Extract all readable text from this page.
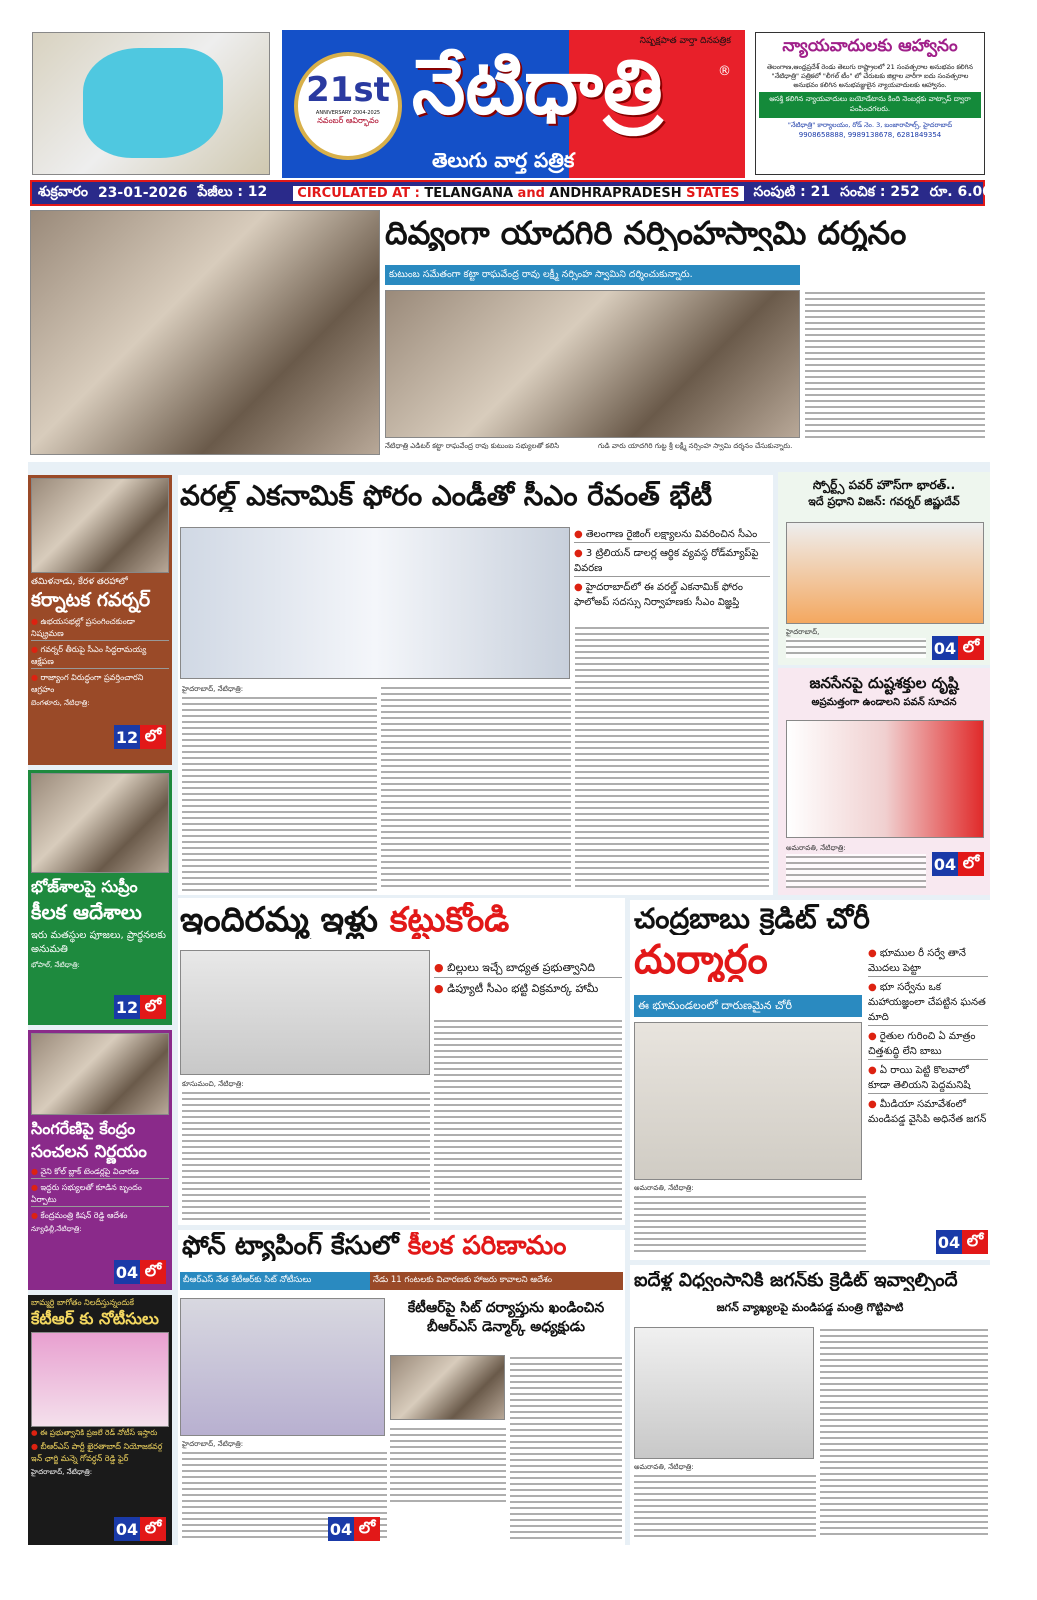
21st
ANNIVERSARY 2004-2025
నవంబర్ ఆవిర్భావం
నిష్పక్షపాత వార్తా దినపత్రిక
నేటిధాత్రి	®
తెలుగు వార్త పత్రిక
న్యాయవాదులకు ఆహ్వానం
తెలంగాణ,ఆంధ్రప్రదేశ్ రెండు తెలుగు రాష్ట్రాలలో 21 సంవత్సరాల అనుభవం కలిగిన "నేటిధాత్రి" పత్రికలో "లీగల్ టీం" లో చేరుటకు జిల్లాల వారీగా ఐదు సంవత్సరాల అనుభవం కలిగిన అనుభవజ్ఞులైన న్యాయవాదులకు ఆహ్వానం.
ఆసక్తి కలిగిన న్యాయవాదులు బయోడేటాను కింది నెంబర్లకు వాట్సాప్ ద్వారా పంపించగలరు.
"నేటిధాత్రి" కార్యాలయం, రోడ్ నెం. 3, బంజారాహిల్స్, హైదరాబాద్
9908658888, 9989138678, 6281849354
శుక్రవారం 23-01-2026 పేజీలు : 12	CIRCULATED AT : TELANGANA and ANDHRAPRADESH STATES సంపుటి : 21 సంచిక : 252 రూ. 6.00
దివ్యంగా యాదగిరి నర్సింహస్వామి దర్శనం
కుటుంబ సమేతంగా కట్టా రాఘవేంద్ర రావు లక్ష్మీ నర్సింహ స్వామిని దర్శించుకున్నారు.
నేటిధాత్రి ఎడిటర్ కట్టా రాఘవేంద్ర రావు కుటుంబ సభ్యులతో కలిసి	గుడి వారు యాదగిరి గుట్ట శ్రీ లక్ష్మీ నర్సింహ స్వామి దర్శనం చేసుకున్నారు.
తమిళనాడు, కేరళ తరహాలో
కర్నాటక గవర్నర్
● ఉభయసభల్లో ప్రసంగించకుండా నిష్క్రమణ
● గవర్నర్ తీరుపై సీఎం సిద్దరామయ్య ఆక్షేపణ
● రాజ్యాంగ విరుద్ధంగా ప్రవర్తించారని ఆగ్రహం
బెంగళూరు, నేటిధాత్రి:
12 లో
భోజ్‌శాలపై సుప్రీం
కీలక ఆదేశాలు
ఇరు మతస్థుల పూజలు, ప్రార్థనలకు అనుమతి
భోపాల్, నేటిధాత్రి:
12 లో
సింగరేణిపై కేంద్రం
సంచలన నిర్ణయం
● నైని కోల్ బ్లాక్ టెండర్లపై విచారణ
● ఇద్దరు సభ్యులతో కూడిన బృందం ఏర్పాటు
● కేంద్రమంత్రి కిషన్ రెడ్డి ఆదేశం
న్యూఢిల్లీ,నేటిధాత్రి:
04 లో
బామ్మర్ది బాగోతం నిలదీస్తున్నందుకే
కేటీఆర్ కు నోటీసులు
● ఈ ప్రభుత్వానికి ప్రజలే రెడ్ నోటీస్ ఇస్తారు
● బీఆర్ఎస్ పార్టీ ఖైరతాబాద్ నియోజకవర్గ ఇన్ ఛార్జి మన్నె గోవర్ధన్ రెడ్డి ఫైర్
హైదరాబాద్, నేటిధాత్రి:
04 లో
వరల్డ్ ఎకనామిక్ ఫోరం ఎండీతో సీఎం రేవంత్ భేటీ
● తెలంగాణ రైజింగ్ లక్ష్యాలను వివరించిన సీఎం
● 3 ట్రిలియన్ డాలర్ల ఆర్థిక వ్యవస్థ రోడ్‌మ్యాప్‌పై వివరణ
● హైదరాబాద్‌లో ఈ వరల్డ్ ఎకనామిక్ ఫోరం ఫాలోఅప్ సదస్సు నిర్వాహణకు సీఎం విజ్ఞప్తి
హైదరాబాద్, నేటిధాత్రి:
స్పోర్ట్స్ పవర్ హౌస్‌గా భారత్..
ఇదే ప్రధాని విజన్: గవర్నర్ జిష్ణుదేవ్
హైదరాబాద్,
04 లో
జనసేనపై దుష్టశక్తుల దృష్టి
అప్రమత్తంగా ఉండాలని పవన్ సూచన
అమరావతి, నేటిధాత్రి:
04 లో
ఇందిరమ్మ ఇళ్లు కట్టుకోండి
● బిల్లులు ఇచ్చే బాధ్యత ప్రభుత్వానిది
● డిప్యూటీ సీఎం భట్టి విక్రమార్క హామీ
కూసుమంచి, నేటిధాత్రి:
చంద్రబాబు క్రెడిట్ చోరీ
దుర్మార్గం
ఈ భూమండలంలో దారుణమైన చోరీ
● భూముల రీ సర్వే తానే మొదలు పెట్టా
● భూ సర్వేను ఒక మహాయజ్ఞంలా చేపట్టిన ఘనత మాది
● రైతుల గురించి ఏ మాత్రం చిత్తశుద్ధి లేని బాబు
● ఏ రాయి పెట్టి కొలవాలో కూడా తెలియని పెద్దమనిషి
● మీడియా సమావేశంలో మండిపడ్డ వైసిపి అధినేత జగన్
అమరావతి, నేటిధాత్రి:
04 లో
ఫోన్ ట్యాపింగ్ కేసులో కీలక పరిణామం
బీఆర్ఎస్ నేత కేటీఆర్‌కు సిట్ నోటీసులు	నేడు 11 గంటలకు విచారణకు హాజరు కావాలని ఆదేశం
కేటీఆర్‌పై సిట్ దర్యాప్తును ఖండించిన బీఆర్ఎస్ డెన్మార్క్ అధ్యక్షుడు
హైదరాబాద్, నేటిధాత్రి:
04 లో
ఐదేళ్ల విధ్వంసానికి జగన్‌కు క్రెడిట్ ఇవ్వాల్సిందే
జగన్ వ్యాఖ్యలపై మండిపడ్డ మంత్రి గొట్టిపాటి
అమరావతి, నేటిధాత్రి:
